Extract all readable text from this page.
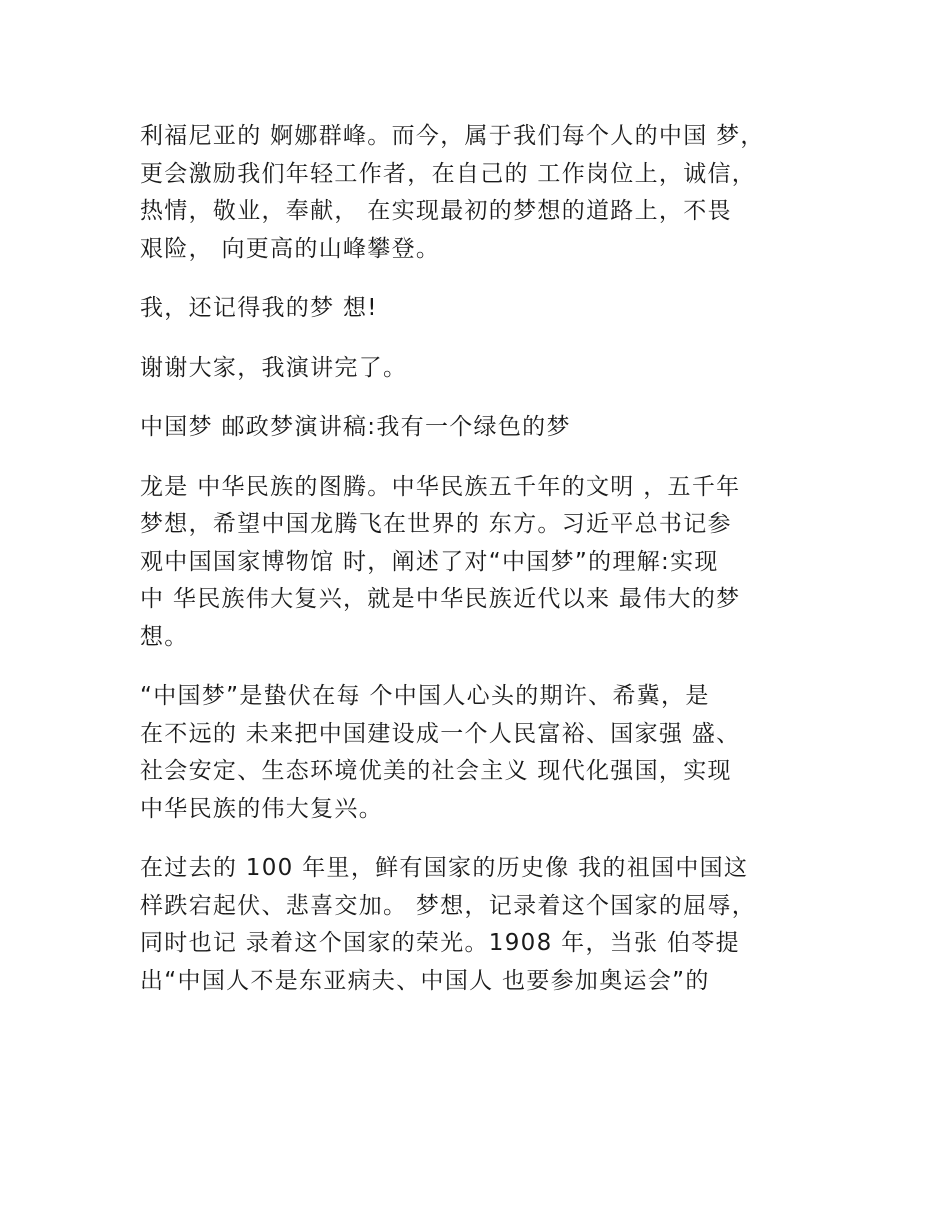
利福尼亚的 婀娜群峰。而今，属于我们每个人的中国 梦，
更会激励我们年轻工作者，在自己的 工作岗位上，诚信，
热情，敬业，奉献， 在实现最初的梦想的道路上，不畏
艰险， 向更高的山峰攀登。

我，还记得我的梦 想!

谢谢大家，我演讲完了。

中国梦 邮政梦演讲稿:我有一个绿色的梦

龙是 中华民族的图腾。中华民族五千年的文明 ，五千年
梦想，希望中国龙腾飞在世界的 东方。习近平总书记参
观中国国家博物馆 时，阐述了对“中国梦”的理解:实现
中 华民族伟大复兴，就是中华民族近代以来 最伟大的梦
想。

“中国梦”是蛰伏在每 个中国人心头的期许、希冀，是
在不远的 未来把中国建设成一个人民富裕、国家强 盛、
社会安定、生态环境优美的社会主义 现代化强国，实现
中华民族的伟大复兴。

在过去的 100 年里，鲜有国家的历史像 我的祖国中国这
样跌宕起伏、悲喜交加。 梦想，记录着这个国家的屈辱，
同时也记 录着这个国家的荣光。1908 年，当张 伯苓提
出“中国人不是东亚病夫、中国人 也要参加奥运会”的
